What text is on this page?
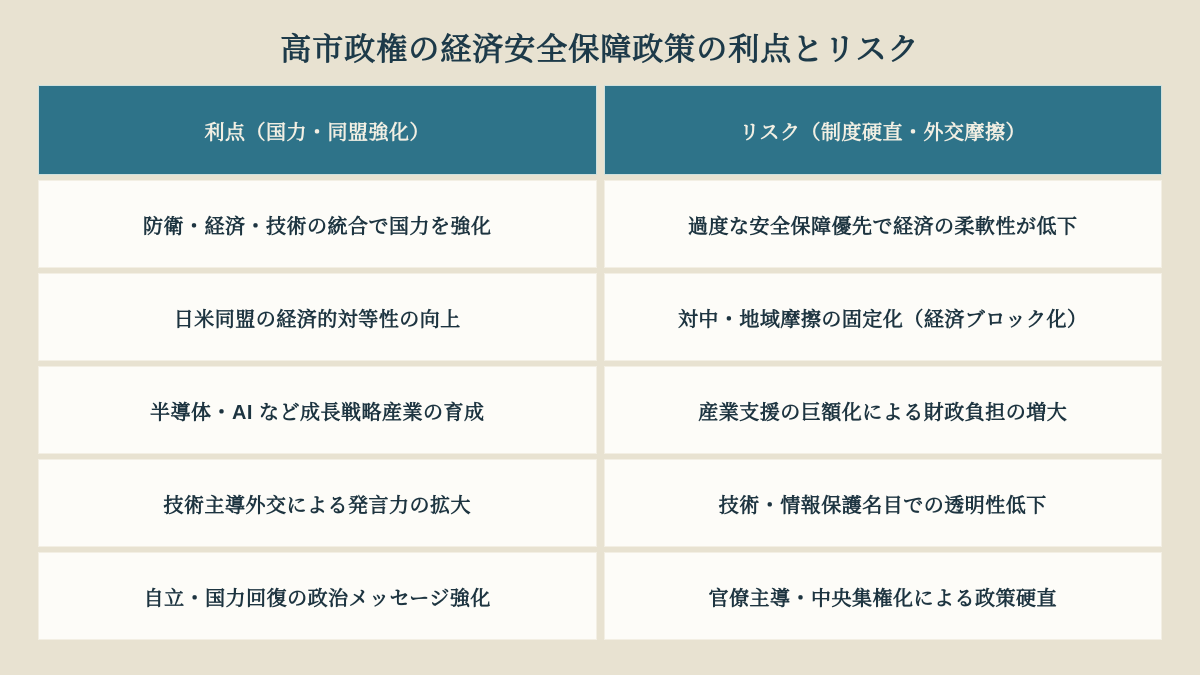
高市政権の経済安全保障政策の利点とリスク
利点（国力・同盟強化）	リスク（制度硬直・外交摩擦）
防衛・経済・技術の統合で国力を強化	過度な安全保障優先で経済の柔軟性が低下
日米同盟の経済的対等性の向上	対中・地域摩擦の固定化（経済ブロック化）
半導体・AI など成長戦略産業の育成	産業支援の巨額化による財政負担の増大
技術主導外交による発言力の拡大	技術・情報保護名目での透明性低下
自立・国力回復の政治メッセージ強化	官僚主導・中央集権化による政策硬直
